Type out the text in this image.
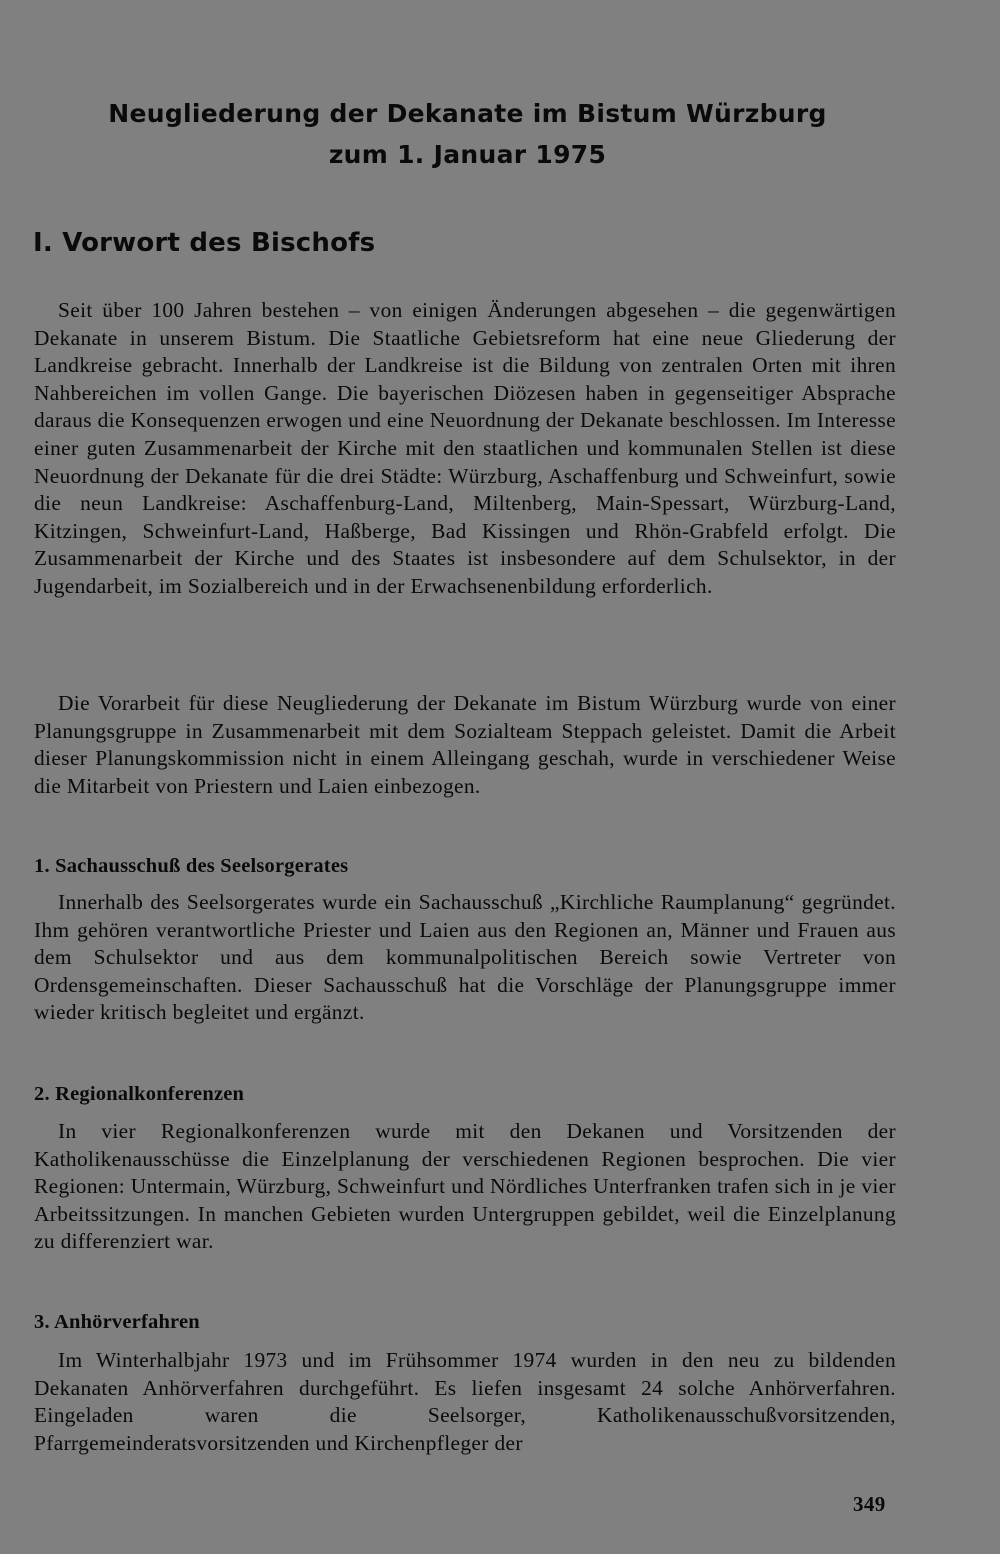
Neugliederung der Dekanate im Bistum Würzburg
zum 1. Januar 1975
I. Vorwort des Bischofs
Seit über 100 Jahren bestehen – von einigen Änderungen abgesehen – die gegenwärtigen Dekanate in unserem Bistum. Die Staatliche Gebietsreform hat eine neue Gliederung der Landkreise gebracht. Innerhalb der Landkreise ist die Bildung von zentralen Orten mit ihren Nahbereichen im vollen Gange. Die bayerischen Diözesen haben in gegenseitiger Absprache daraus die Konsequenzen erwogen und eine Neuordnung der Dekanate beschlossen. Im Interesse einer guten Zusammenarbeit der Kirche mit den staatlichen und kommunalen Stellen ist diese Neuordnung der Dekanate für die drei Städte: Würzburg, Aschaffenburg und Schweinfurt, sowie die neun Landkreise: Aschaffenburg-Land, Miltenberg, Main-Spessart, Würzburg-Land, Kitzingen, Schweinfurt-Land, Haßberge, Bad Kissingen und Rhön-Grabfeld erfolgt. Die Zusammenarbeit der Kirche und des Staates ist insbesondere auf dem Schulsektor, in der Jugendarbeit, im Sozialbereich und in der Erwachsenenbildung erforderlich.
Die Vorarbeit für diese Neugliederung der Dekanate im Bistum Würzburg wurde von einer Planungsgruppe in Zusammenarbeit mit dem Sozialteam Steppach geleistet. Damit die Arbeit dieser Planungskommission nicht in einem Alleingang geschah, wurde in verschiedener Weise die Mitarbeit von Priestern und Laien einbezogen.
1. Sachausschuß des Seelsorgerates
Innerhalb des Seelsorgerates wurde ein Sachausschuß „Kirchliche Raumplanung“ gegründet. Ihm gehören verantwortliche Priester und Laien aus den Regionen an, Männer und Frauen aus dem Schulsektor und aus dem kommunalpolitischen Bereich sowie Vertreter von Ordensgemeinschaften. Dieser Sachausschuß hat die Vorschläge der Planungsgruppe immer wieder kritisch begleitet und ergänzt.
2. Regionalkonferenzen
In vier Regionalkonferenzen wurde mit den Dekanen und Vorsitzenden der Katholikenausschüsse die Einzelplanung der verschiedenen Regionen besprochen. Die vier Regionen: Untermain, Würzburg, Schweinfurt und Nördliches Unterfranken trafen sich in je vier Arbeitssitzungen. In manchen Gebieten wurden Untergruppen gebildet, weil die Einzelplanung zu differenziert war.
3. Anhörverfahren
Im Winterhalbjahr 1973 und im Frühsommer 1974 wurden in den neu zu bildenden Dekanaten Anhörverfahren durchgeführt. Es liefen insgesamt 24 solche Anhörverfahren. Eingeladen waren die Seelsorger, Katholikenausschußvorsitzenden, Pfarrgemeinderatsvorsitzenden und Kirchenpfleger der
349
